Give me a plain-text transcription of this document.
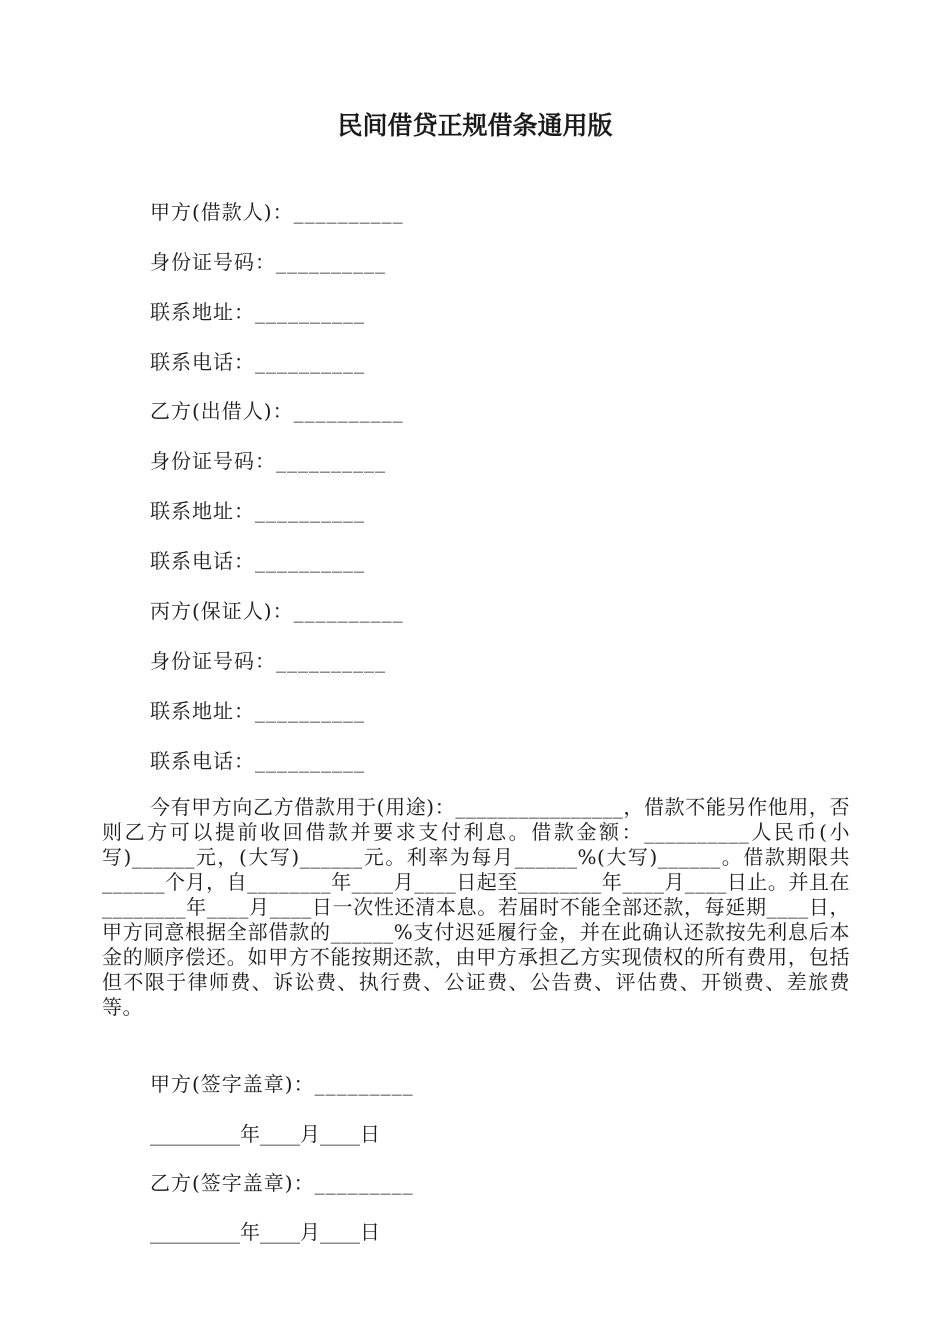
民间借贷正规借条通用版
甲方(借款人)：__________
身份证号码：__________
联系地址：__________
联系电话：__________
乙方(出借人)：__________
身份证号码：__________
联系地址：__________
联系电话：__________
丙方(保证人)：__________
身份证号码：__________
联系地址：__________
联系电话：__________
今有甲方向乙方借款用于(用途)：________________，借款不能另作他用，否则乙方可以提前收回借款并要求支付利息。借款金额：__________人民币(小写)______元，(大写)______元。利率为每月______%(大写)______。借款期限共______个月，自________年____月____日起至________年____月____日止。并且在________年____月____日一次性还清本息。若届时不能全部还款，每延期____日，甲方同意根据全部借款的______%支付迟延履行金，并在此确认还款按先利息后本金的顺序偿还。如甲方不能按期还款，由甲方承担乙方实现债权的所有费用，包括但不限于律师费、诉讼费、执行费、公证费、公告费、评估费、开锁费、差旅费等。
甲方(签字盖章)：_________
_________年____月____日
乙方(签字盖章)：_________
_________年____月____日
